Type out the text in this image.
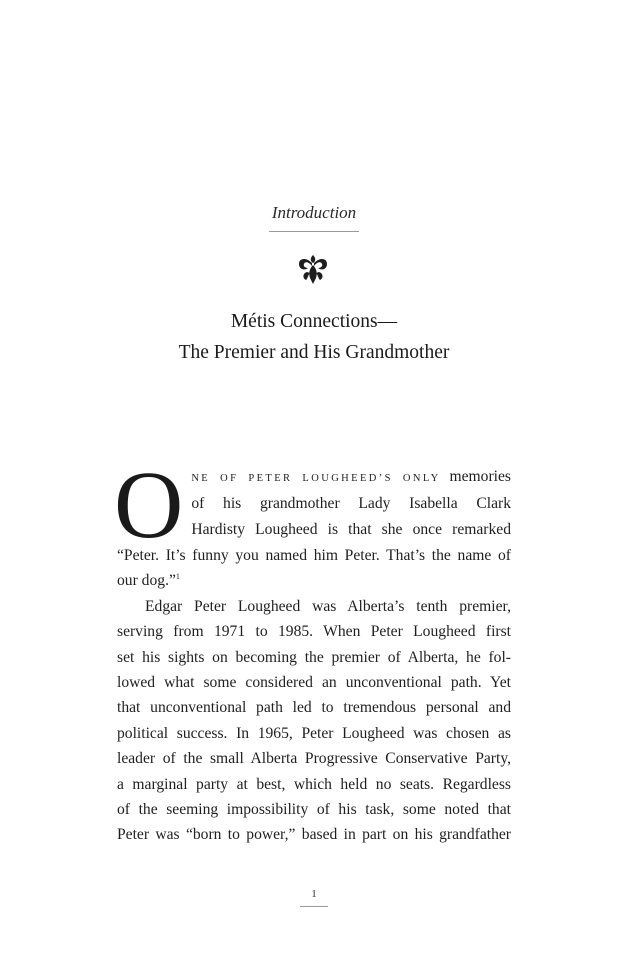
Introduction
Métis Connections—
The Premier and His Grandmother
O NE OF PETER LOUGHEED’S ONLY memories
of his grandmother Lady Isabella Clark
Hardisty Lougheed is that she once remarked
“Peter. It’s funny you named him Peter. That’s the name of
our dog.”$^1$
Edgar Peter Lougheed was Alberta’s tenth premier,
serving from 1971 to 1985. When Peter Lougheed first
set his sights on becoming the premier of Alberta, he fol-
lowed what some considered an unconventional path. Yet
that unconventional path led to tremendous personal and
political success. In 1965, Peter Lougheed was chosen as
leader of the small Alberta Progressive Conservative Party,
a marginal party at best, which held no seats. Regardless
of the seeming impossibility of his task, some noted that
Peter was “born to power,” based in part on his grandfather
1
